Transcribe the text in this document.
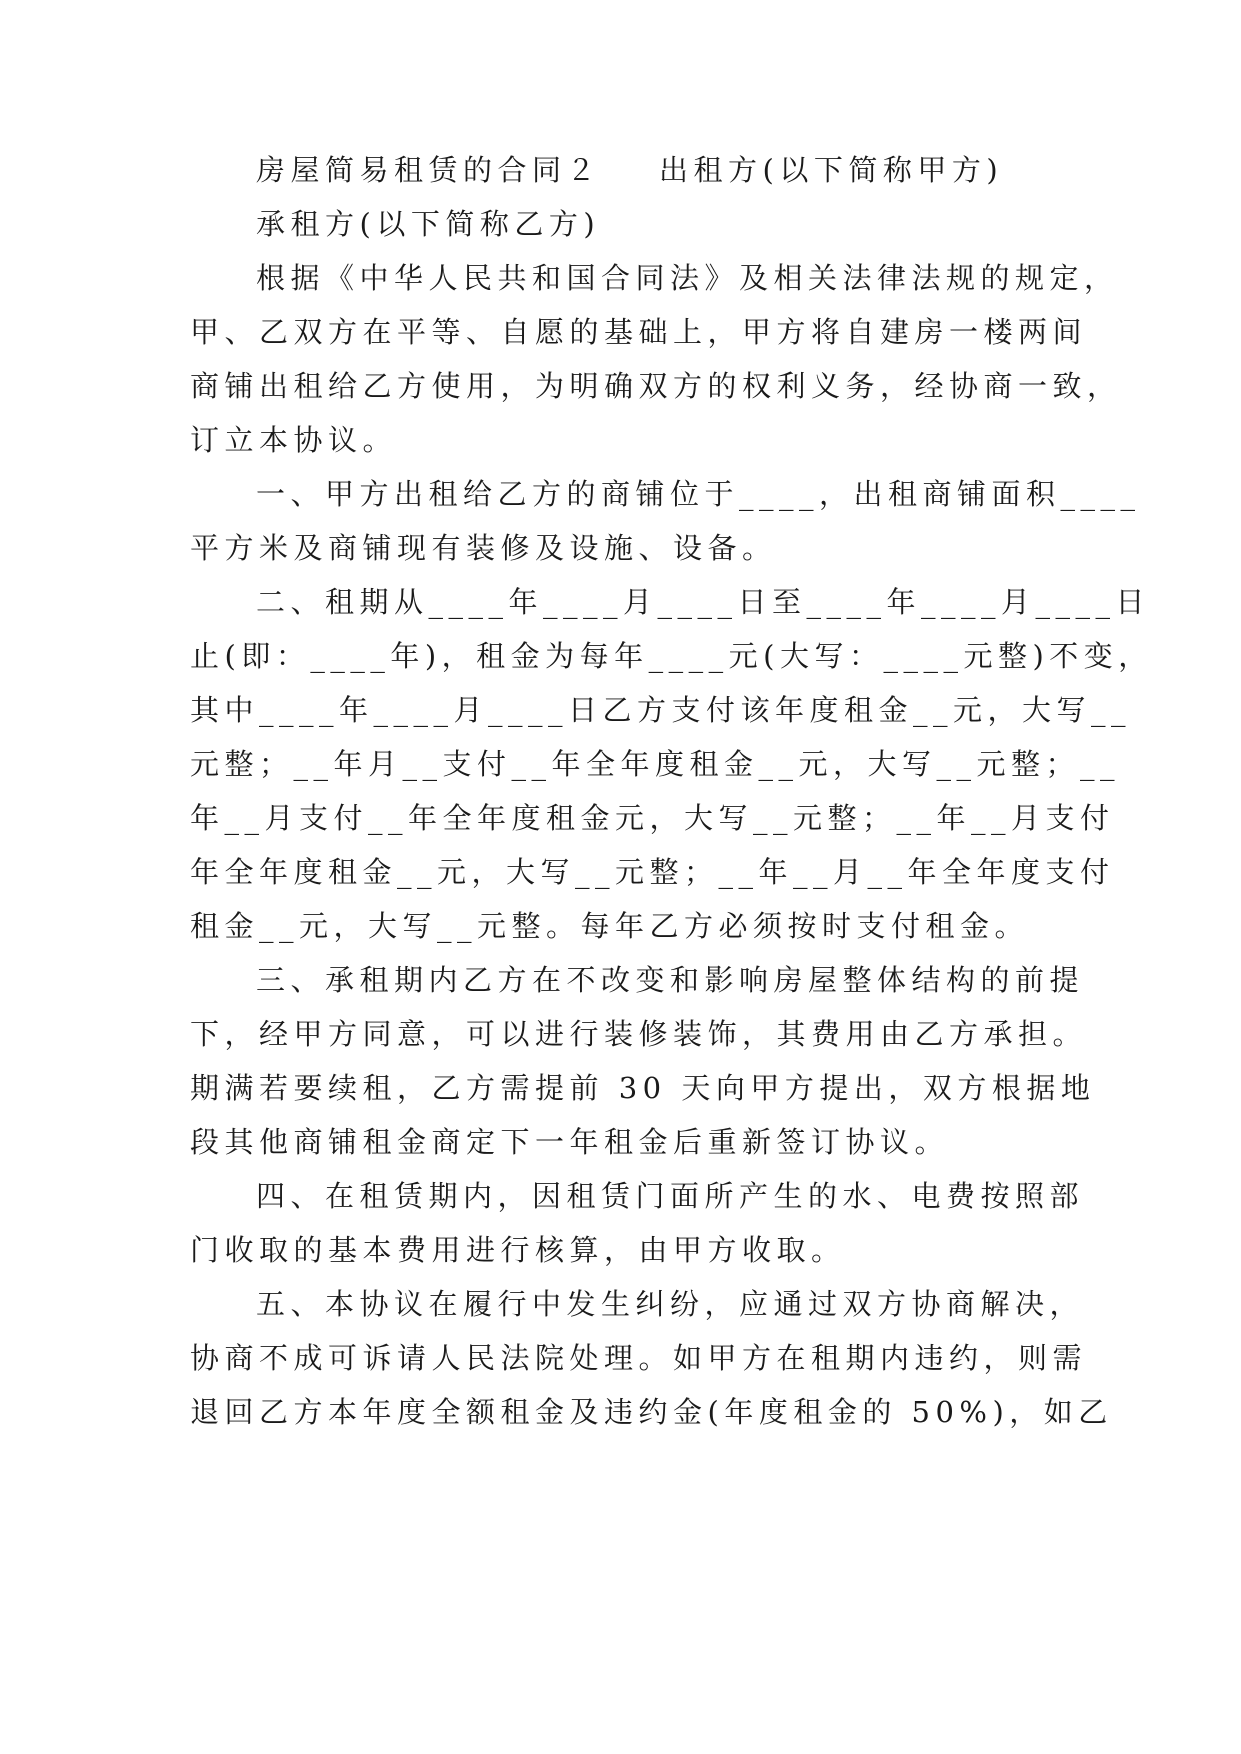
房屋简易租赁的合同２ 出租方(以下简称甲方)
承租方(以下简称乙方)
根据《中华人民共和国合同法》及相关法律法规的规定，
甲、乙双方在平等、自愿的基础上，甲方将自建房一楼两间
商铺出租给乙方使用，为明确双方的权利义务，经协商一致，
订立本协议。
一、甲方出租给乙方的商铺位于____，出租商铺面积____
平方米及商铺现有装修及设施、设备。
二、租期从____年____月____日至____年____月____日
止(即：____年)，租金为每年____元(大写：____元整)不变，
其中____年____月____日乙方支付该年度租金__元，大写__
元整；__年月__支付__年全年度租金__元，大写__元整；__
年__月支付__年全年度租金元，大写__元整；__年__月支付
年全年度租金__元，大写__元整；__年__月__年全年度支付
租金__元，大写__元整。每年乙方必须按时支付租金。
三、承租期内乙方在不改变和影响房屋整体结构的前提
下，经甲方同意，可以进行装修装饰，其费用由乙方承担。
期满若要续租，乙方需提前 30 天向甲方提出，双方根据地
段其他商铺租金商定下一年租金后重新签订协议。
四、在租赁期内，因租赁门面所产生的水、电费按照部
门收取的基本费用进行核算，由甲方收取。
五、本协议在履行中发生纠纷，应通过双方协商解决，
协商不成可诉请人民法院处理。如甲方在租期内违约，则需
退回乙方本年度全额租金及违约金(年度租金的 50%)，如乙
